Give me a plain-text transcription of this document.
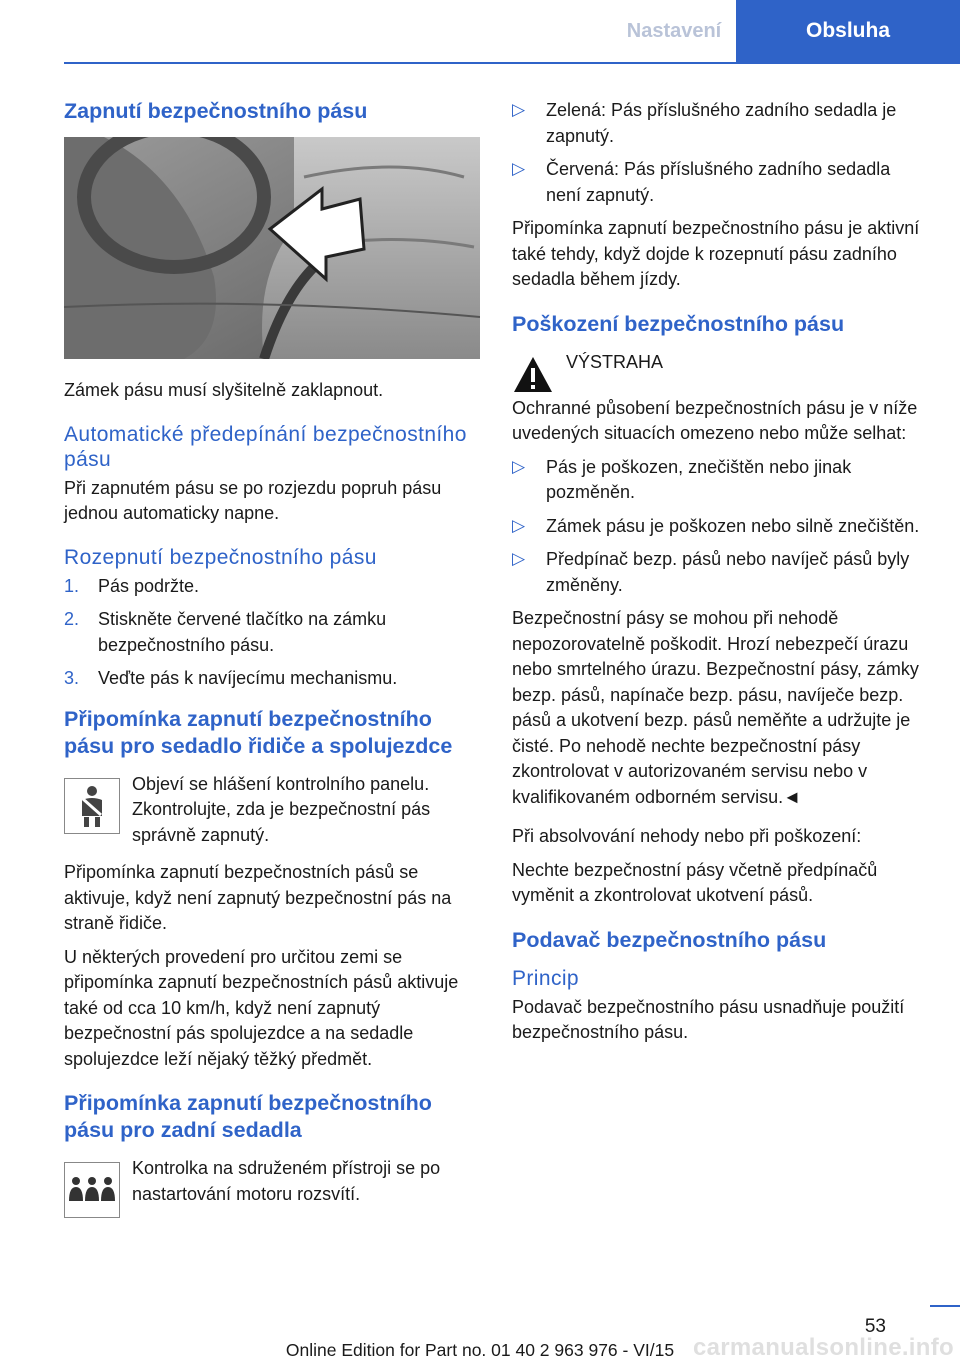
Nastavení	Obsluha
Zapnutí bezpečnostního pásu

Zámek pásu musí slyšitelně zaklapnout.

Automatické předepínání bezpečnostního pásu

Při zapnutém pásu se po rozjezdu popruh pásu jednou automaticky napne.

Rozepnutí bezpečnostního pásu
1. Pás podržte.
2. Stiskněte červené tlačítko na zámku bezpečnostního pásu.
3. Veďte pás k navíjecímu mechanismu.
Připomínka zapnutí bezpečnostního pásu pro sedadlo řidiče a spolujezdce
Objeví se hlášení kontrolního panelu. Zkontrolujte, zda je bezpečnostní pás správně zapnutý.

Připomínka zapnutí bezpečnostních pásů se aktivuje, když není zapnutý bezpečnostní pás na straně řidiče.

U některých provedení pro určitou zemi se připomínka zapnutí bezpečnostních pásů aktivuje také od cca 10 km/h, když není zapnutý bezpečnostní pás spolujezdce a na sedadle spolujezdce leží nějaký těžký předmět.

Připomínka zapnutí bezpečnostního pásu pro zadní sedadla
Kontrolka na sdruženém přístroji se po nastartování motoru rozsvítí.
▷ Zelená: Pás příslušného zadního sedadla je zapnutý.
▷ Červená: Pás příslušného zadního sedadla není zapnutý.

Připomínka zapnutí bezpečnostního pásu je aktivní také tehdy, když dojde k rozepnutí pásu zadního sedadla během jízdy.

Poškození bezpečnostního pásu

VÝSTRAHA

Ochranné působení bezpečnostních pásu je v níže uvedených situacích omezeno nebo může selhat:

▷ Pás je poškozen, znečištěn nebo jinak pozměněn.
▷ Zámek pásu je poškozen nebo silně znečištěn.
▷ Předpínač bezp. pásů nebo navíječ pásů byly změněny.

Bezpečnostní pásy se mohou při nehodě nepozorovatelně poškodit. Hrozí nebezpečí úrazu nebo smrtelného úrazu. Bezpečnostní pásy, zámky bezp. pásů, napínače bezp. pásu, navíječe bezp. pásů a ukotvení bezp. pásů neměňte a udržujte je čisté. Po nehodě nechte bezpečnostní pásy zkontrolovat v autorizovaném servisu nebo v kvalifikovaném odborném servisu.◄

Při absolvování nehody nebo při poškození:

Nechte bezpečnostní pásy včetně předpínačů vyměnit a zkontrolovat ukotvení pásů.

Podavač bezpečnostního pásu
Princip

Podavač bezpečnostního pásu usnadňuje použití bezpečnostního pásu.

53
Online Edition for Part no. 01 40 2 963 976 - VI/15 carmanualsonline.info
